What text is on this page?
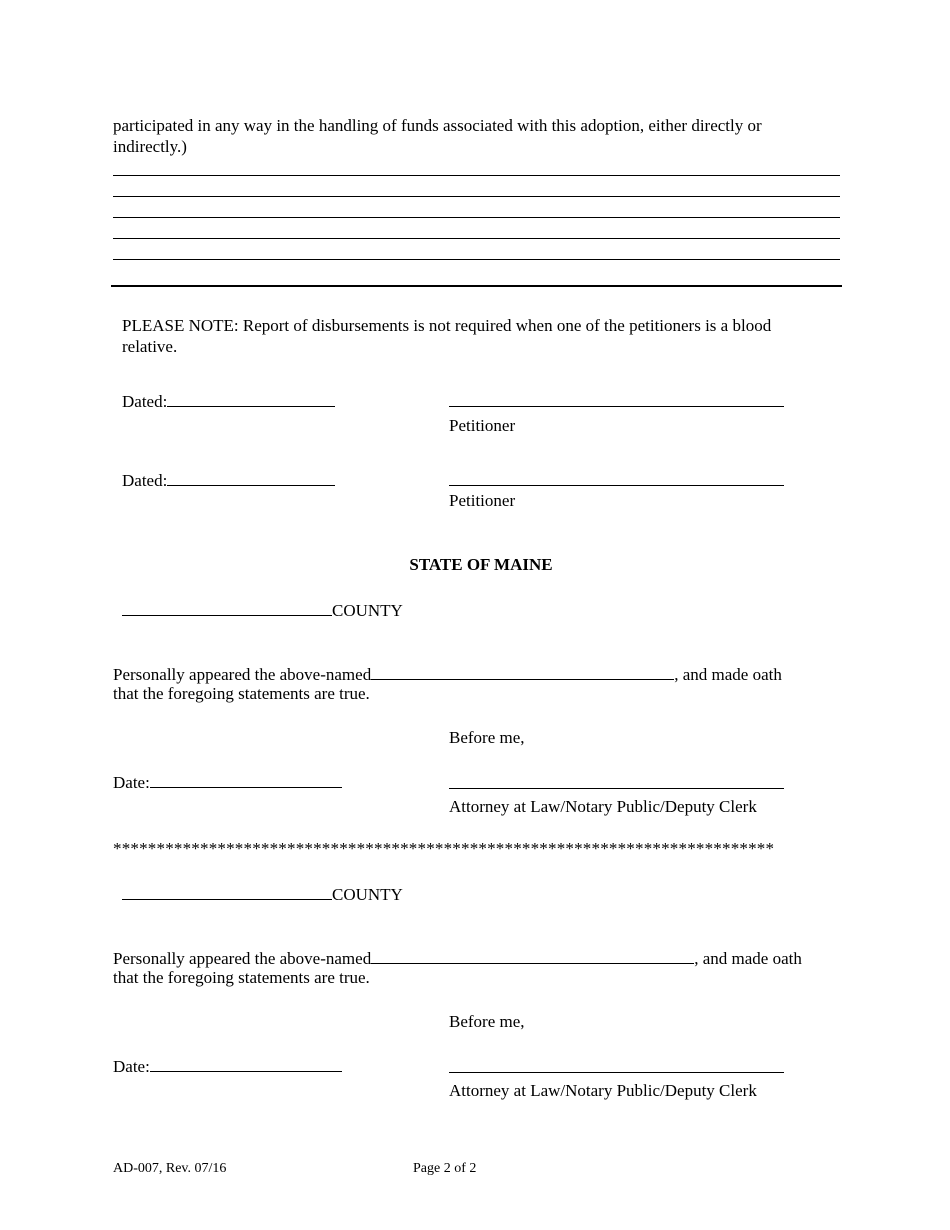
participated in any way in the handling of funds associated with this adoption, either directly or
indirectly.)
PLEASE NOTE: Report of disbursements is not required when one of the petitioners is a blood
relative.
Dated:
Petitioner
Dated:
Petitioner
STATE OF MAINE
COUNTY
Personally appeared the above-named	, and made oath
that the foregoing statements are true.
Before me,
Date:
Attorney at Law/Notary Public/Deputy Clerk
****************************************************************************
COUNTY
Personally appeared the above-named	, and made oath
that the foregoing statements are true.
Before me,
Date:
Attorney at Law/Notary Public/Deputy Clerk
AD-007, Rev. 07/16	Page 2 of 2
